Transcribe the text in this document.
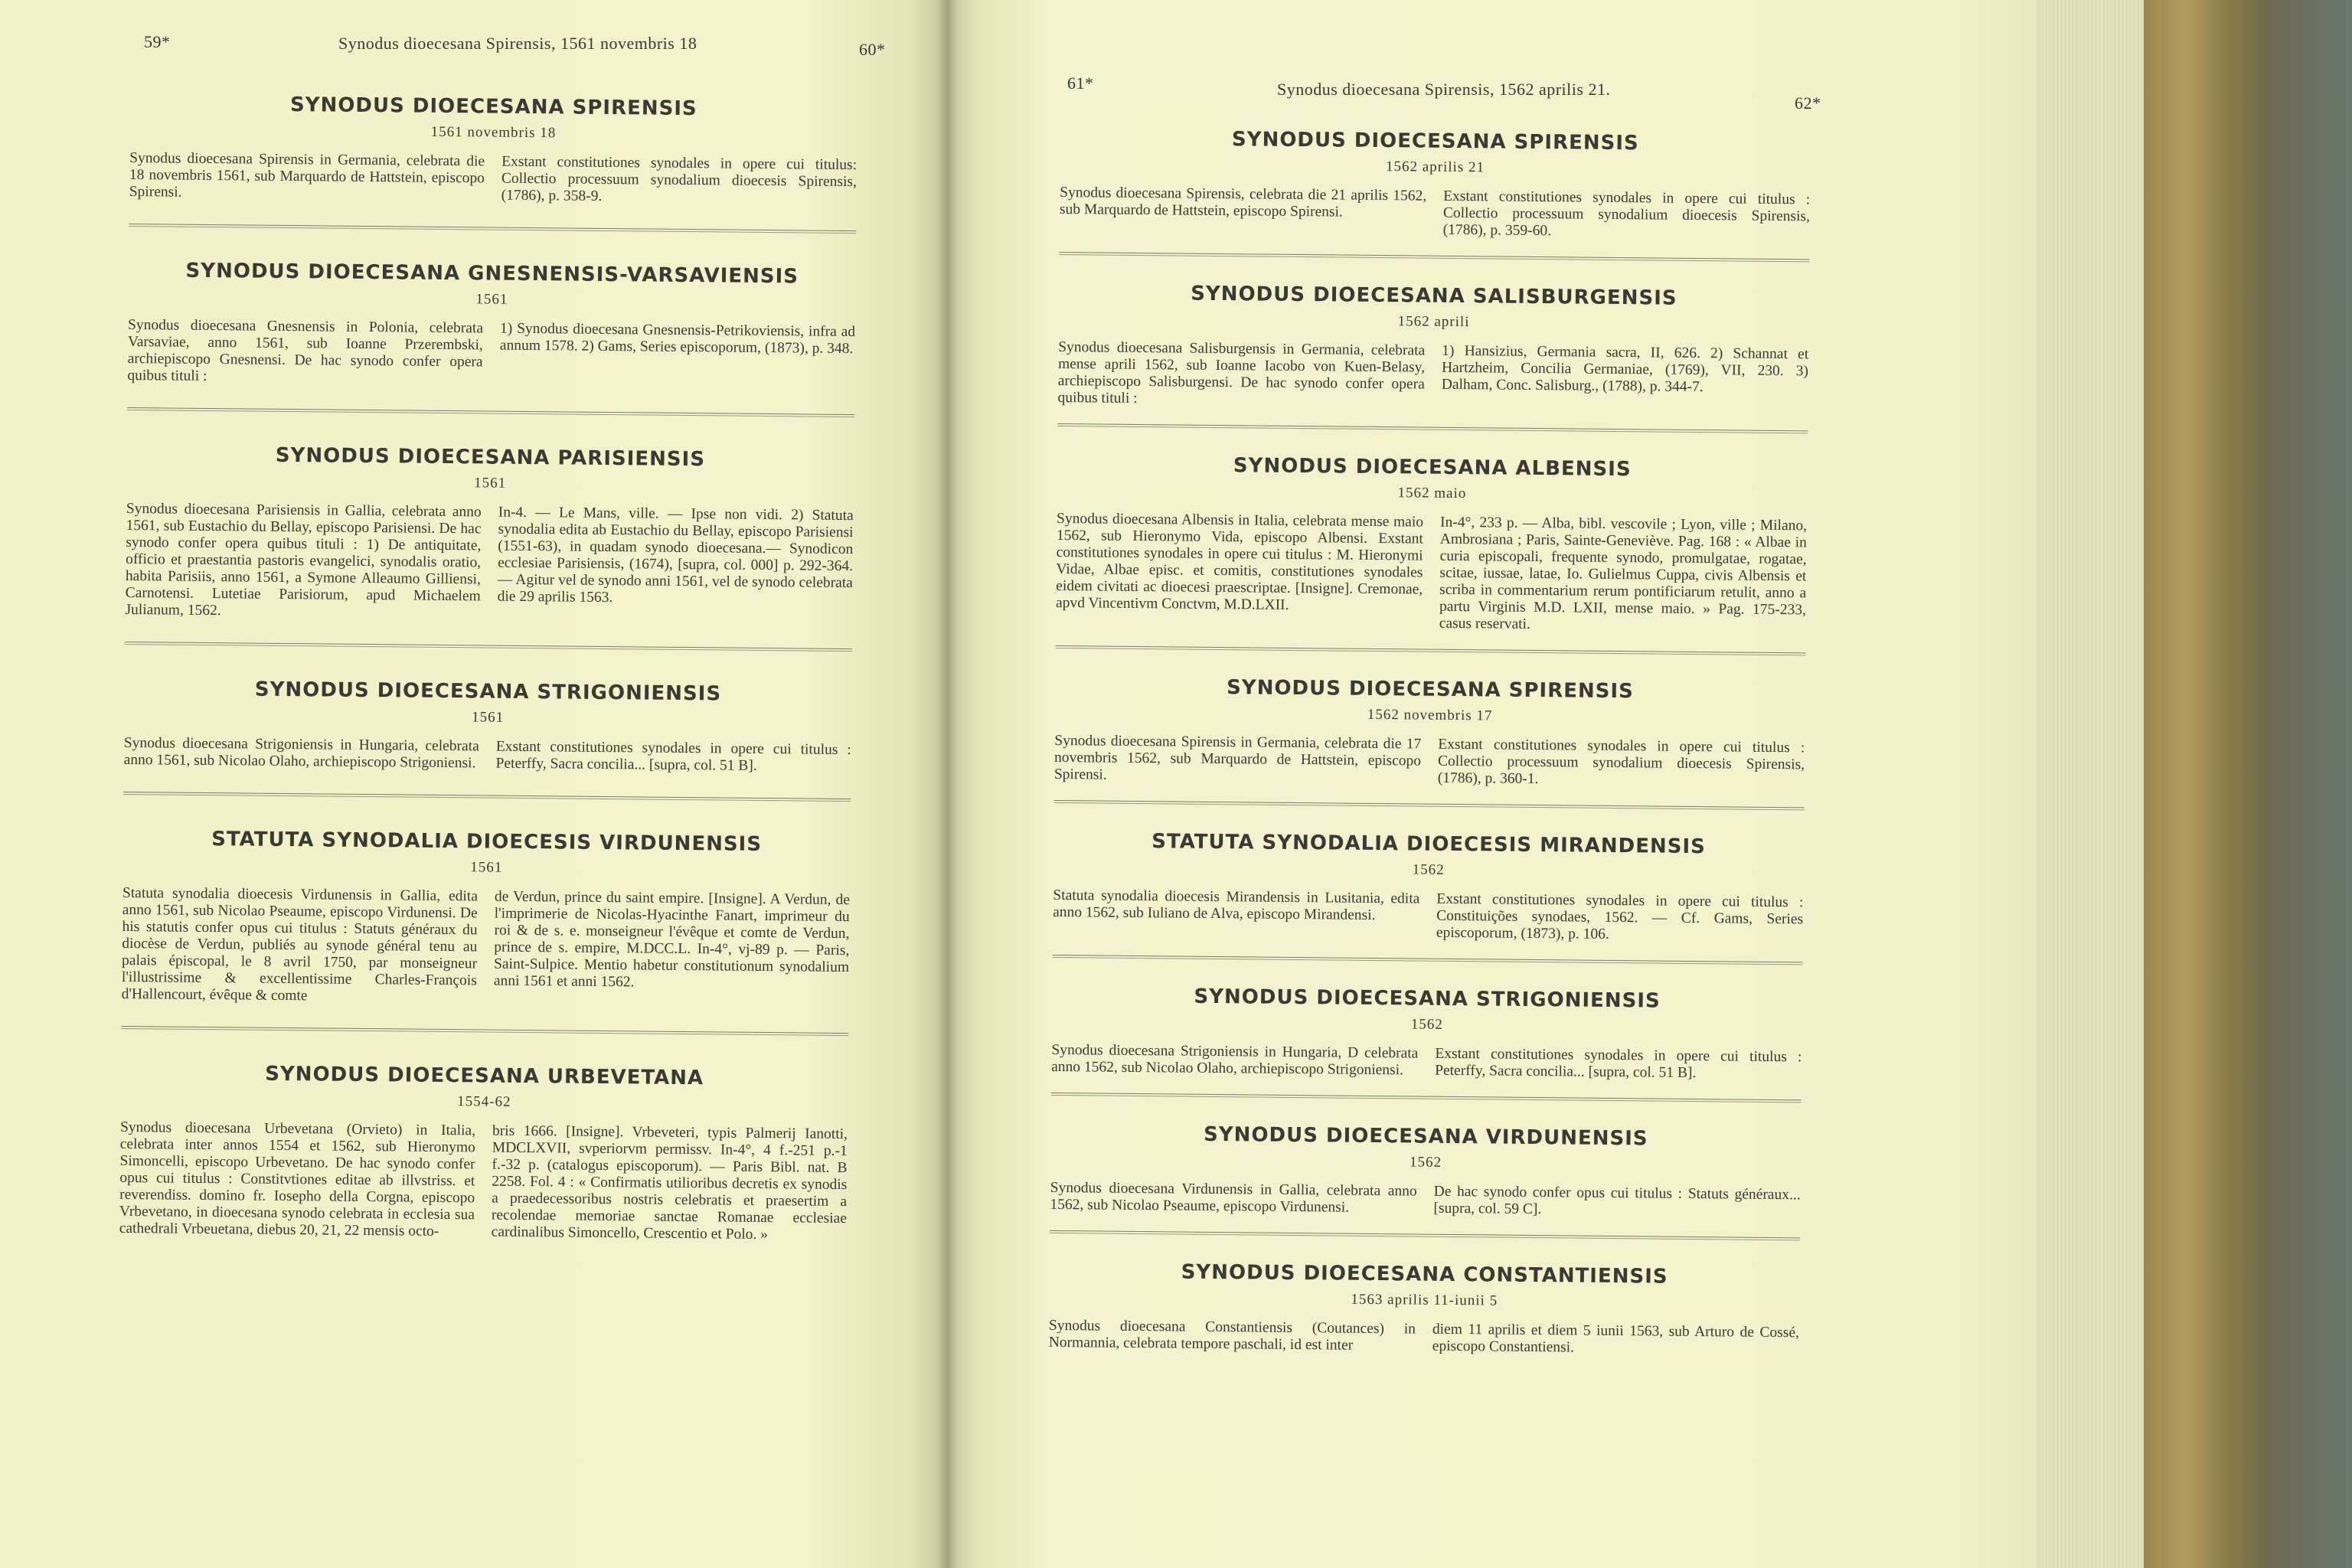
59*	Synodus dioecesana Spirensis, 1561 novembris 18	60*
SYNODUS DIOECESANA SPIRENSIS
1561 novembris 18

Synodus dioecesana Spirensis in Germania, celebrata die 18 novembris 1561, sub Marquardo de Hattstein, episcopo Spirensi.

Exstant constitutiones synodales in opere cui titulus: Collectio processuum synodalium dioecesis Spirensis, (1786), p. 358-9.

SYNODUS DIOECESANA GNESNENSIS-VARSAVIENSIS
1561

Synodus dioecesana Gnesnensis in Polonia, celebrata Varsaviae, anno 1561, sub Ioanne Przerembski, archiepiscopo Gnesnensi. De hac synodo confer opera quibus tituli :

1) Synodus dioecesana Gnesnensis-Petrikoviensis, infra ad annum 1578. 2) Gams, Series episcoporum, (1873), p. 348.

SYNODUS DIOECESANA PARISIENSIS
1561

Synodus dioecesana Parisiensis in Gallia, celebrata anno 1561, sub Eustachio du Bellay, episcopo Parisiensi. De hac synodo confer opera quibus tituli : 1) De antiquitate, officio et praestantia pastoris evangelici, synodalis oratio, habita Parisiis, anno 1561, a Symone Alleaumo Gilliensi, Carnotensi. Lutetiae Parisiorum, apud Michaelem Julianum, 1562.

In-4. — Le Mans, ville. — Ipse non vidi. 2) Statuta synodalia edita ab Eustachio du Bellay, episcopo Parisiensi (1551-63), in quadam synodo dioecesana.— Synodicon ecclesiae Parisiensis, (1674), [supra, col. 000] p. 292-364. — Agitur vel de synodo anni 1561, vel de synodo celebrata die 29 aprilis 1563.

SYNODUS DIOECESANA STRIGONIENSIS
1561

Synodus dioecesana Strigoniensis in Hungaria, celebrata anno 1561, sub Nicolao Olaho, archiepiscopo Strigoniensi.

Exstant constitutiones synodales in opere cui titulus : Peterffy, Sacra concilia... [supra, col. 51 B].

STATUTA SYNODALIA DIOECESIS VIRDUNENSIS
1561

Statuta synodalia dioecesis Virdunensis in Gallia, edita anno 1561, sub Nicolao Pseaume, episcopo Virdunensi. De his statutis confer opus cui titulus : Statuts généraux du diocèse de Verdun, publiés au synode général tenu au palais épiscopal, le 8 avril 1750, par monseigneur l'illustrissime & excellentissime Charles-François d'Hallencourt, évêque & comte

de Verdun, prince du saint empire. [Insigne]. A Verdun, de l'imprimerie de Nicolas-Hyacinthe Fanart, imprimeur du roi & de s. e. monseigneur l'évêque et comte de Verdun, prince de s. empire, M.DCC.L. In-4°, vj-89 p. — Paris, Saint-Sulpice. Mentio habetur constitutionum synodalium anni 1561 et anni 1562.

SYNODUS DIOECESANA URBEVETANA
1554-62

Synodus dioecesana Urbevetana (Orvieto) in Italia, celebrata inter annos 1554 et 1562, sub Hieronymo Simoncelli, episcopo Urbevetano. De hac synodo confer opus cui titulus : Constitvtiones editae ab illvstriss. et reverendiss. domino fr. Iosepho della Corgna, episcopo Vrbevetano, in dioecesana synodo celebrata in ecclesia sua cathedrali Vrbeuetana, diebus 20, 21, 22 mensis octo-

bris 1666. [Insigne]. Vrbeveteri, typis Palmerij Ianotti, MDCLXVII, svperiorvm permissv. In-4°, 4 f.-251 p.-1 f.-32 p. (catalogus episcoporum). — Paris Bibl. nat. B 2258. Fol. 4 : « Confirmatis utilioribus decretis ex synodis a praedecessoribus nostris celebratis et praesertim a recolendae memoriae sanctae Romanae ecclesiae cardinalibus Simoncello, Crescentio et Polo. »

61*	Synodus dioecesana Spirensis, 1562 aprilis 21.
62*
SYNODUS DIOECESANA SPIRENSIS
1562 aprilis 21

Synodus dioecesana Spirensis, celebrata die 21 aprilis 1562, sub Marquardo de Hattstein, episcopo Spirensi.

Exstant constitutiones synodales in opere cui titulus : Collectio processuum synodalium dioecesis Spirensis, (1786), p. 359-60.

SYNODUS DIOECESANA SALISBURGENSIS
1562 aprili

Synodus dioecesana Salisburgensis in Germania, celebrata mense aprili 1562, sub Ioanne Iacobo von Kuen-Belasy, archiepiscopo Salisburgensi. De hac synodo confer opera quibus tituli :

1) Hansizius, Germania sacra, II, 626. 2) Schannat et Hartzheim, Concilia Germaniae, (1769), VII, 230. 3) Dalham, Conc. Salisburg., (1788), p. 344-7.

SYNODUS DIOECESANA ALBENSIS
1562 maio

Synodus dioecesana Albensis in Italia, celebrata mense maio 1562, sub Hieronymo Vida, episcopo Albensi. Exstant constitutiones synodales in opere cui titulus : M. Hieronymi Vidae, Albae episc. et comitis, constitutiones synodales eidem civitati ac dioecesi praescriptae. [Insigne]. Cremonae, apvd Vincentivm Conctvm, M.D.LXII.

In-4°, 233 p. — Alba, bibl. vescovile ; Lyon, ville ; Milano, Ambrosiana ; Paris, Sainte-Geneviève. Pag. 168 : « Albae in curia episcopali, frequente synodo, promulgatae, rogatae, scitae, iussae, latae, Io. Gulielmus Cuppa, civis Albensis et scriba in commentarium rerum pontificiarum retulit, anno a partu Virginis M.D. LXII, mense maio. » Pag. 175-233, casus reservati.

SYNODUS DIOECESANA SPIRENSIS
1562 novembris 17

Synodus dioecesana Spirensis in Germania, celebrata die 17 novembris 1562, sub Marquardo de Hattstein, episcopo Spirensi.

Exstant constitutiones synodales in opere cui titulus : Collectio processuum synodalium dioecesis Spirensis, (1786), p. 360-1.

STATUTA SYNODALIA DIOECESIS MIRANDENSIS
1562

Statuta synodalia dioecesis Mirandensis in Lusitania, edita anno 1562, sub Iuliano de Alva, episcopo Mirandensi.

Exstant constitutiones synodales in opere cui titulus : Constituições synodaes, 1562. — Cf. Gams, Series episcoporum, (1873), p. 106.

SYNODUS DIOECESANA STRIGONIENSIS
1562

Synodus dioecesana Strigoniensis in Hungaria, D celebrata anno 1562, sub Nicolao Olaho, archiepiscopo Strigoniensi.

Exstant constitutiones synodales in opere cui titulus : Peterffy, Sacra concilia... [supra, col. 51 B].

SYNODUS DIOECESANA VIRDUNENSIS
1562

Synodus dioecesana Virdunensis in Gallia, celebrata anno 1562, sub Nicolao Pseaume, episcopo Virdunensi.

De hac synodo confer opus cui titulus : Statuts généraux... [supra, col. 59 C].

SYNODUS DIOECESANA CONSTANTIENSIS
1563 aprilis 11-iunii 5

Synodus dioecesana Constantiensis (Coutances) in Normannia, celebrata tempore paschali, id est inter

diem 11 aprilis et diem 5 iunii 1563, sub Arturo de Cossé, episcopo Constantiensi.
